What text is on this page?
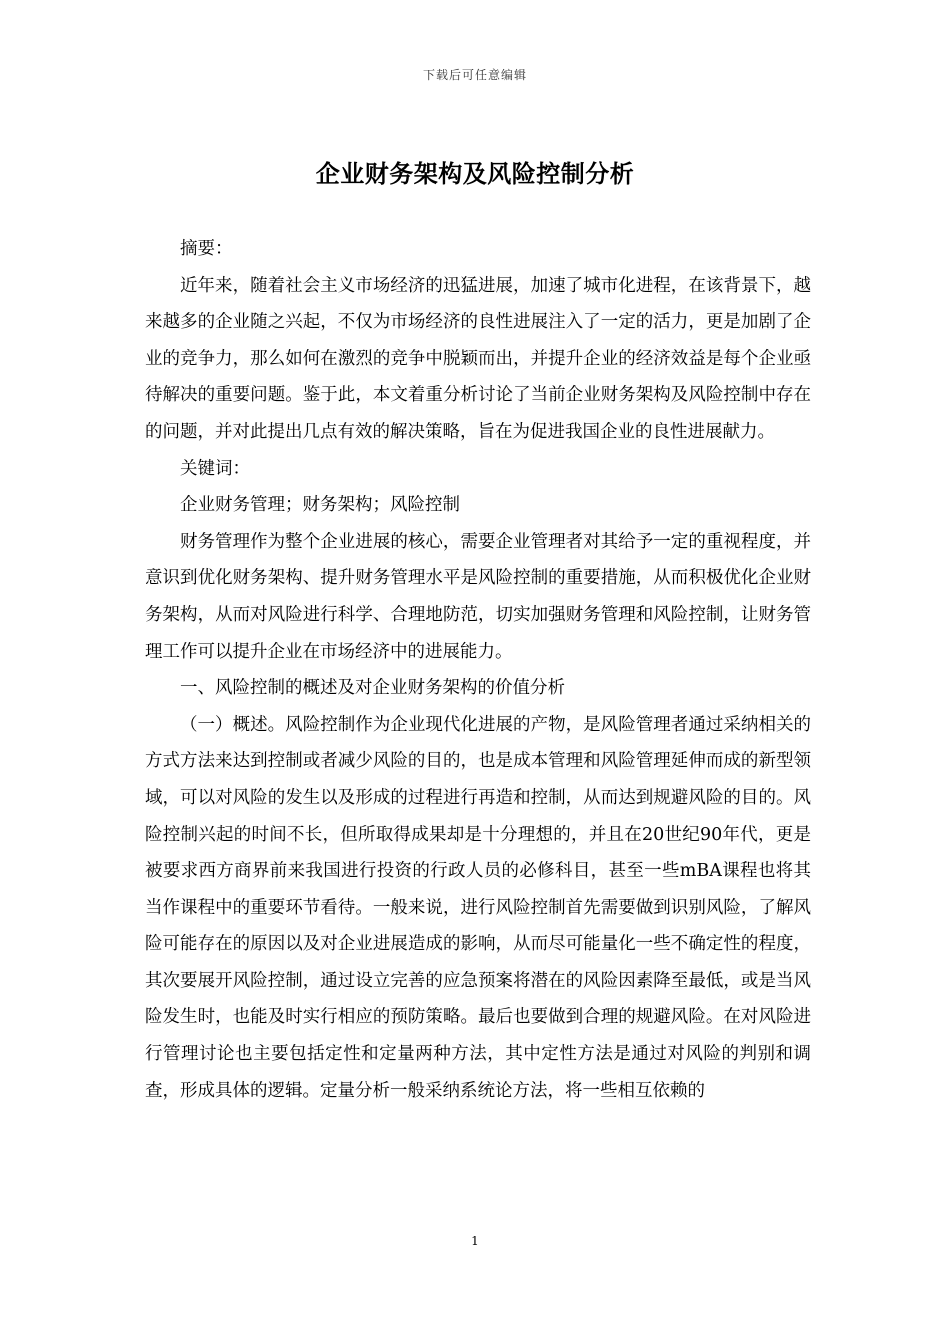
下载后可任意编辑
企业财务架构及风险控制分析

摘要：

近年来，随着社会主义市场经济的迅猛进展，加速了城市化进程，在该背景下，越来越多的企业随之兴起，不仅为市场经济的良性进展注入了一定的活力，更是加剧了企业的竞争力，那么如何在激烈的竞争中脱颖而出，并提升企业的经济效益是每个企业亟待解决的重要问题。鉴于此，本文着重分析讨论了当前企业财务架构及风险控制中存在的问题，并对此提出几点有效的解决策略，旨在为促进我国企业的良性进展献力。

关键词：

企业财务管理；财务架构；风险控制

财务管理作为整个企业进展的核心，需要企业管理者对其给予一定的重视程度，并意识到优化财务架构、提升财务管理水平是风险控制的重要措施，从而积极优化企业财务架构，从而对风险进行科学、合理地防范，切实加强财务管理和风险控制，让财务管理工作可以提升企业在市场经济中的进展能力。

一、风险控制的概述及对企业财务架构的价值分析

（一）概述。风险控制作为企业现代化进展的产物，是风险管理者通过采纳相关的方式方法来达到控制或者减少风险的目的，也是成本管理和风险管理延伸而成的新型领域，可以对风险的发生以及形成的过程进行再造和控制，从而达到规避风险的目的。风险控制兴起的时间不长，但所取得成果却是十分理想的，并且在20世纪90年代，更是被要求西方商界前来我国进行投资的行政人员的必修科目，甚至一些mBA课程也将其当作课程中的重要环节看待。一般来说，进行风险控制首先需要做到识别风险，了解风险可能存在的原因以及对企业进展造成的影响，从而尽可能量化一些不确定性的程度，其次要展开风险控制，通过设立完善的应急预案将潜在的风险因素降至最低，或是当风险发生时，也能及时实行相应的预防策略。最后也要做到合理的规避风险。在对风险进行管理讨论也主要包括定性和定量两种方法，其中定性方法是通过对风险的判别和调查，形成具体的逻辑。定量分析一般采纳系统论方法，将一些相互依赖的

1
